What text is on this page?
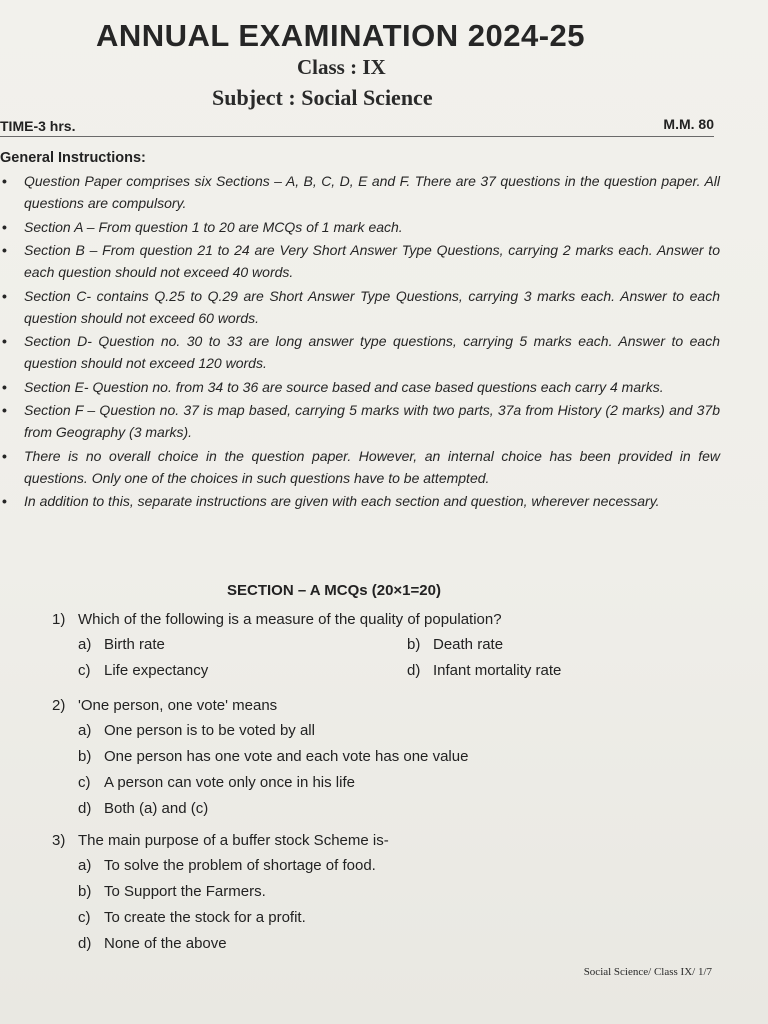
ANNUAL EXAMINATION 2024-25
Class : IX
Subject : Social Science
TIME-3 hrs.	M.M. 80
General Instructions:
• Question Paper comprises six Sections – A, B, C, D, E and F. There are 37 questions in the question paper. All questions are compulsory.
• Section A – From question 1 to 20 are MCQs of 1 mark each.
• Section B – From question 21 to 24 are Very Short Answer Type Questions, carrying 2 marks each. Answer to each question should not exceed 40 words.
• Section C- contains Q.25 to Q.29 are Short Answer Type Questions, carrying 3 marks each. Answer to each question should not exceed 60 words.
• Section D- Question no. 30 to 33 are long answer type questions, carrying 5 marks each. Answer to each question should not exceed 120 words.
• Section E- Question no. from 34 to 36 are source based and case based questions each carry 4 marks.
• Section F – Question no. 37 is map based, carrying 5 marks with two parts, 37a from History (2 marks) and 37b from Geography (3 marks).
• There is no overall choice in the question paper. However, an internal choice has been provided in few questions. Only one of the choices in such questions have to be attempted.
• In addition to this, separate instructions are given with each section and question, wherever necessary.
SECTION – A MCQs (20×1=20)
1) Which of the following is a measure of the quality of population?
a) Birth rate	b) Death rate
c) Life expectancy	d) Infant mortality rate
2) 'One person, one vote' means
a) One person is to be voted by all
b) One person has one vote and each vote has one value
c) A person can vote only once in his life
d) Both (a) and (c)
3) The main purpose of a buffer stock Scheme is-
a) To solve the problem of shortage of food.
b) To Support the Farmers.
c) To create the stock for a profit.
d) None of the above
Social Science/ Class IX/ 1/7
